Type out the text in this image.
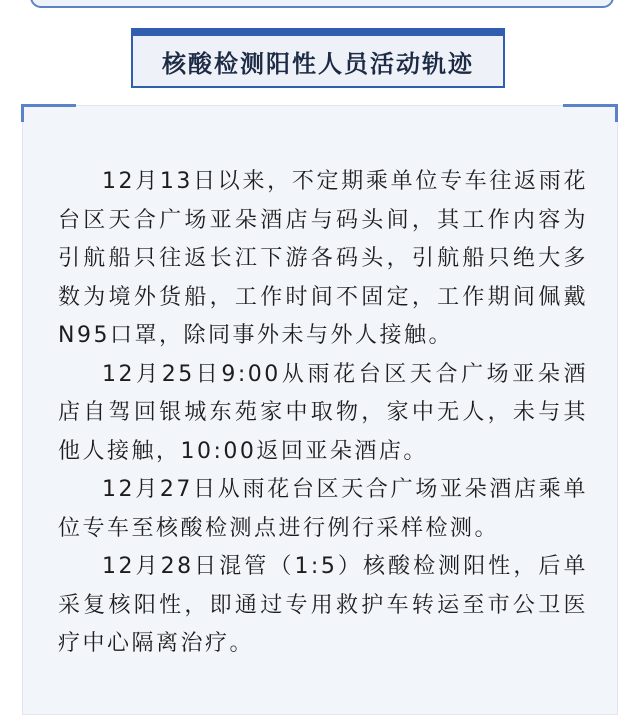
核酸检测阳性人员活动轨迹

12月13日以来，不定期乘单位专车往返雨花台区天合广场亚朵酒店与码头间，其工作内容为引航船只往返长江下游各码头，引航船只绝大多数为境外货船，工作时间不固定，工作期间佩戴N95口罩，除同事外未与外人接触。

12月25日9:00从雨花台区天合广场亚朵酒店自驾回银城东苑家中取物，家中无人，未与其他人接触，10:00返回亚朵酒店。

12月27日从雨花台区天合广场亚朵酒店乘单位专车至核酸检测点进行例行采样检测。

12月28日混管（1:5）核酸检测阳性，后单采复核阳性，即通过专用救护车转运至市公卫医疗中心隔离治疗。
